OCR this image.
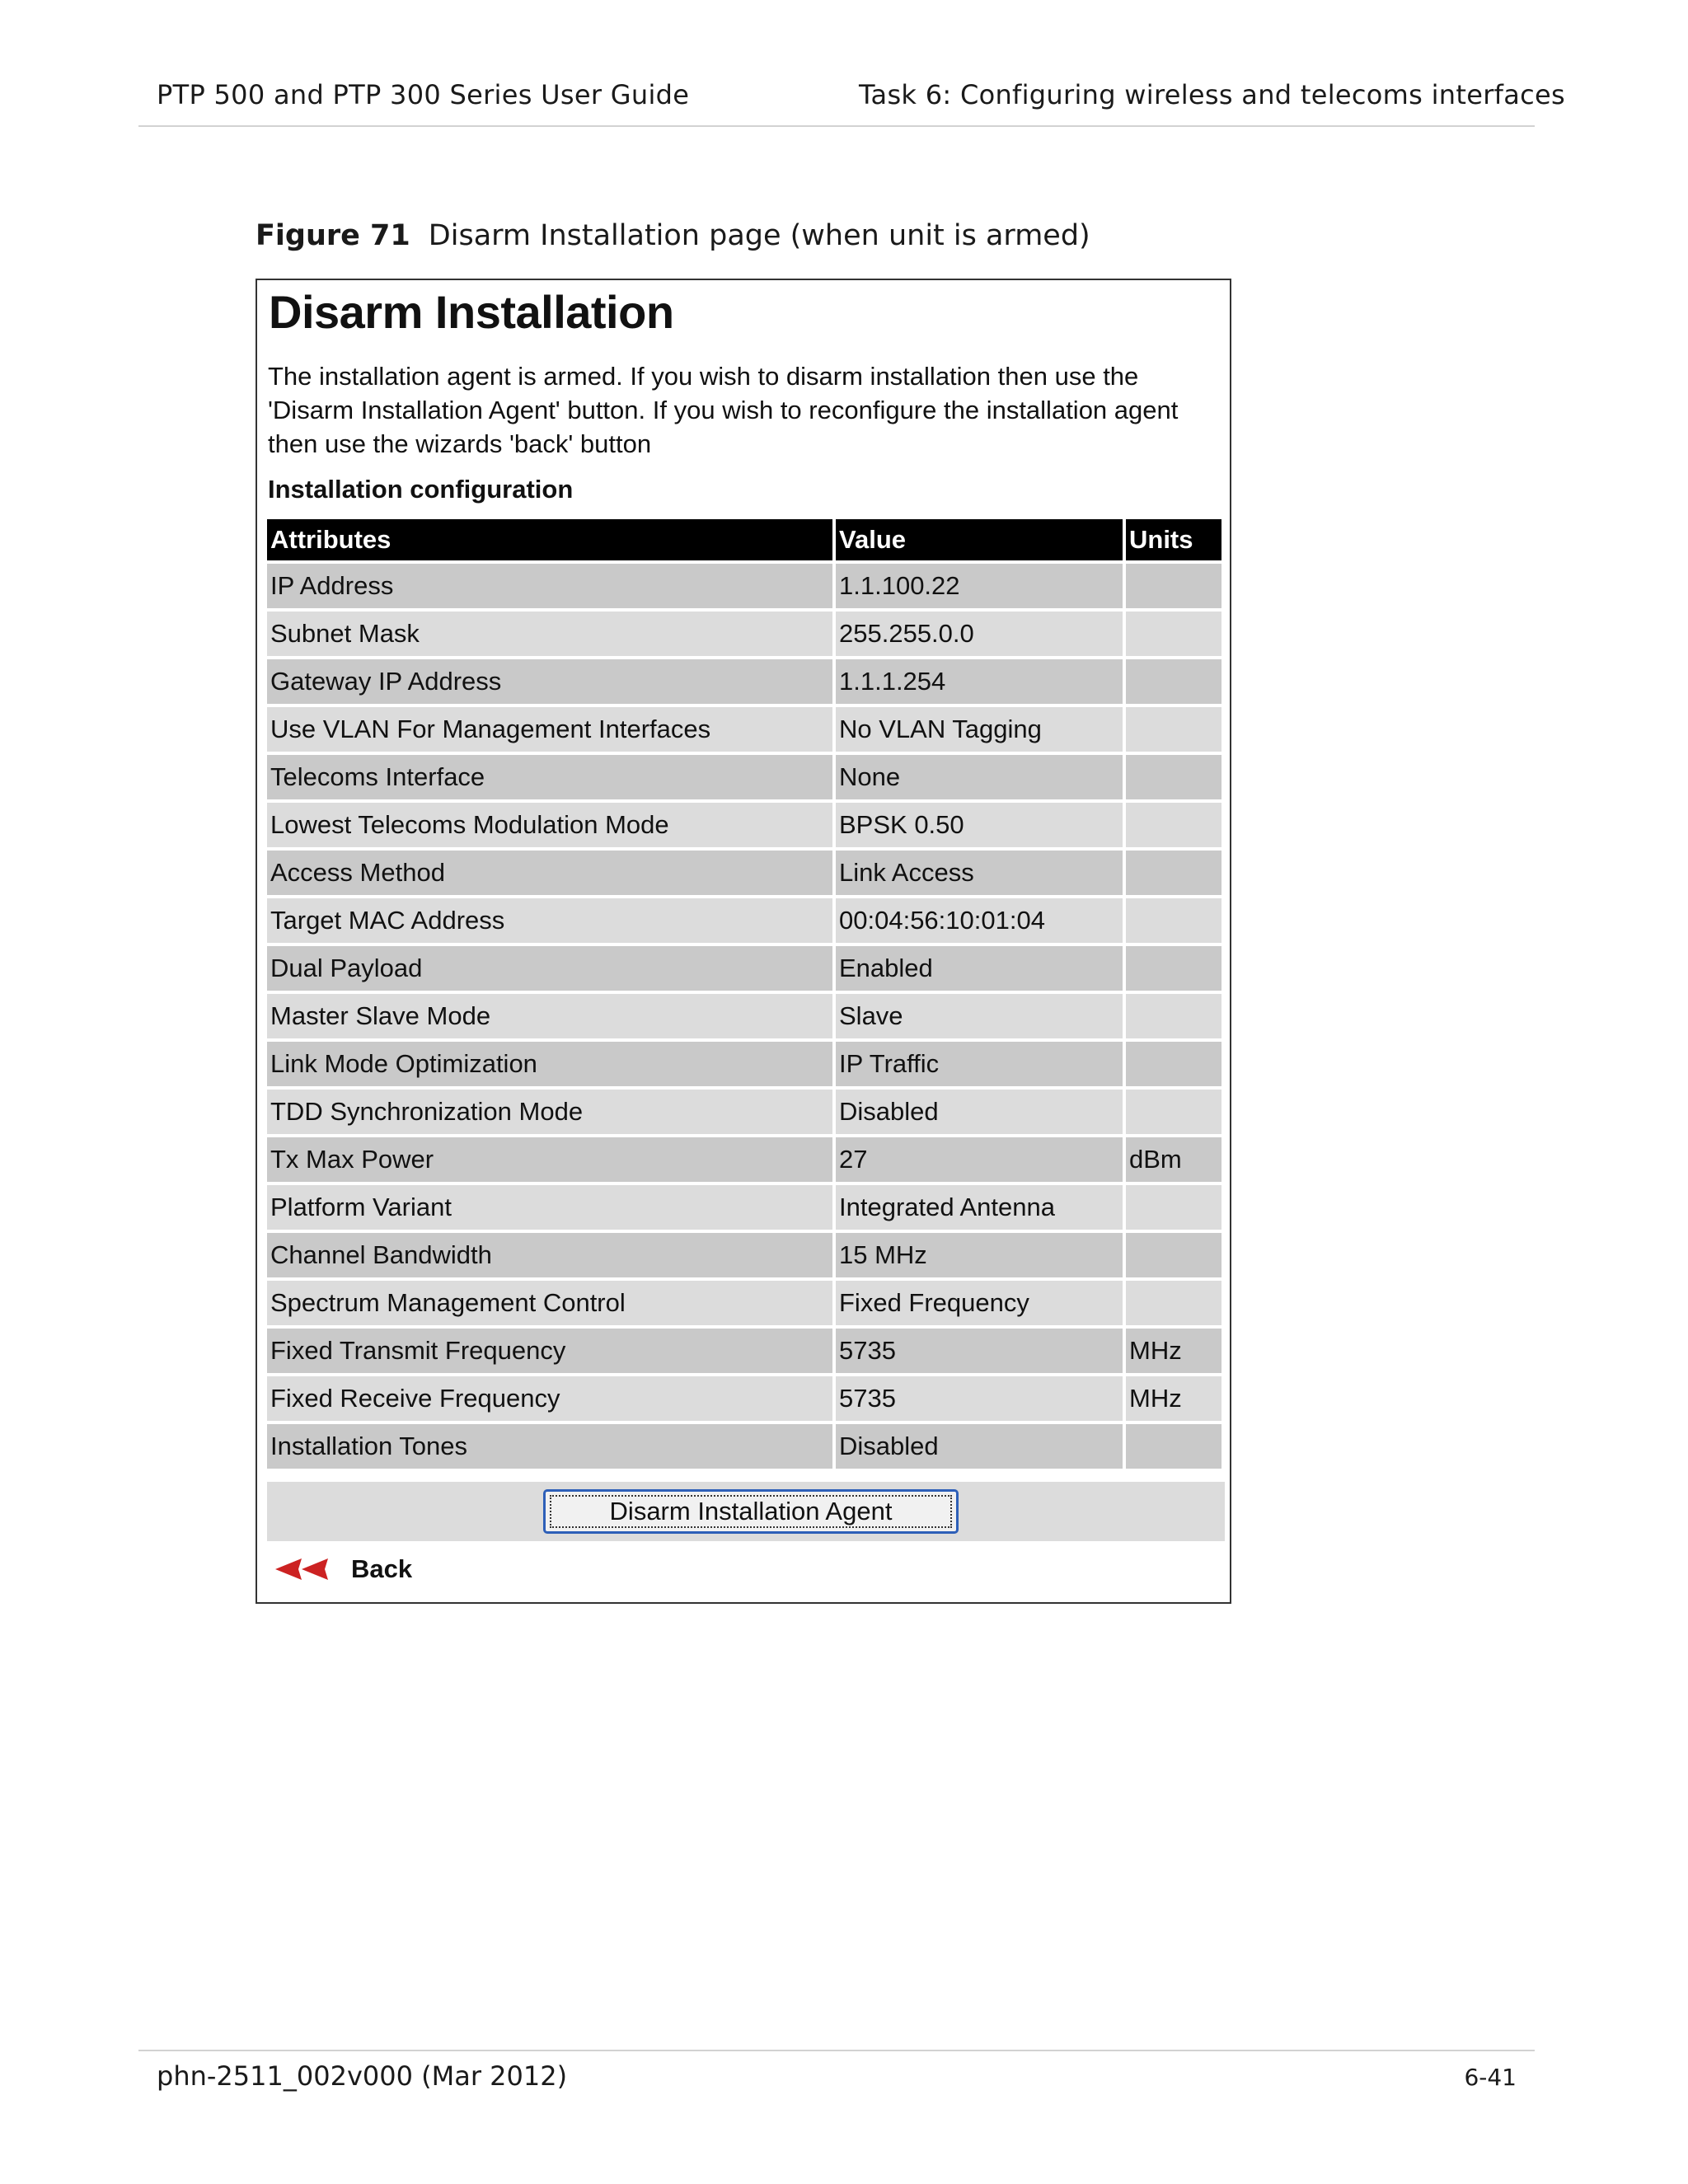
PTP 500 and PTP 300 Series User Guide	Task 6: Configuring wireless and telecoms interfaces
Figure 71 Disarm Installation page (when unit is armed)
Disarm Installation
The installation agent is armed. If you wish to disarm installation then use the 'Disarm Installation Agent' button. If you wish to reconfigure the installation agent then use the wizards 'back' button
Installation configuration
Attributes	Value	Units
IP Address	1.1.100.22	
Subnet Mask	255.255.0.0	
Gateway IP Address	1.1.1.254	
Use VLAN For Management Interfaces	No VLAN Tagging	
Telecoms Interface	None	
Lowest Telecoms Modulation Mode	BPSK 0.50	
Access Method	Link Access	
Target MAC Address	00:04:56:10:01:04	
Dual Payload	Enabled	
Master Slave Mode	Slave	
Link Mode Optimization	IP Traffic	
TDD Synchronization Mode	Disabled	
Tx Max Power	27	dBm
Platform Variant	Integrated Antenna	
Channel Bandwidth	15 MHz	
Spectrum Management Control	Fixed Frequency	
Fixed Transmit Frequency	5735	MHz
Fixed Receive Frequency	5735	MHz
Installation Tones	Disabled	
Disarm Installation Agent
Back
phn-2511_002v000 (Mar 2012)	6-41
